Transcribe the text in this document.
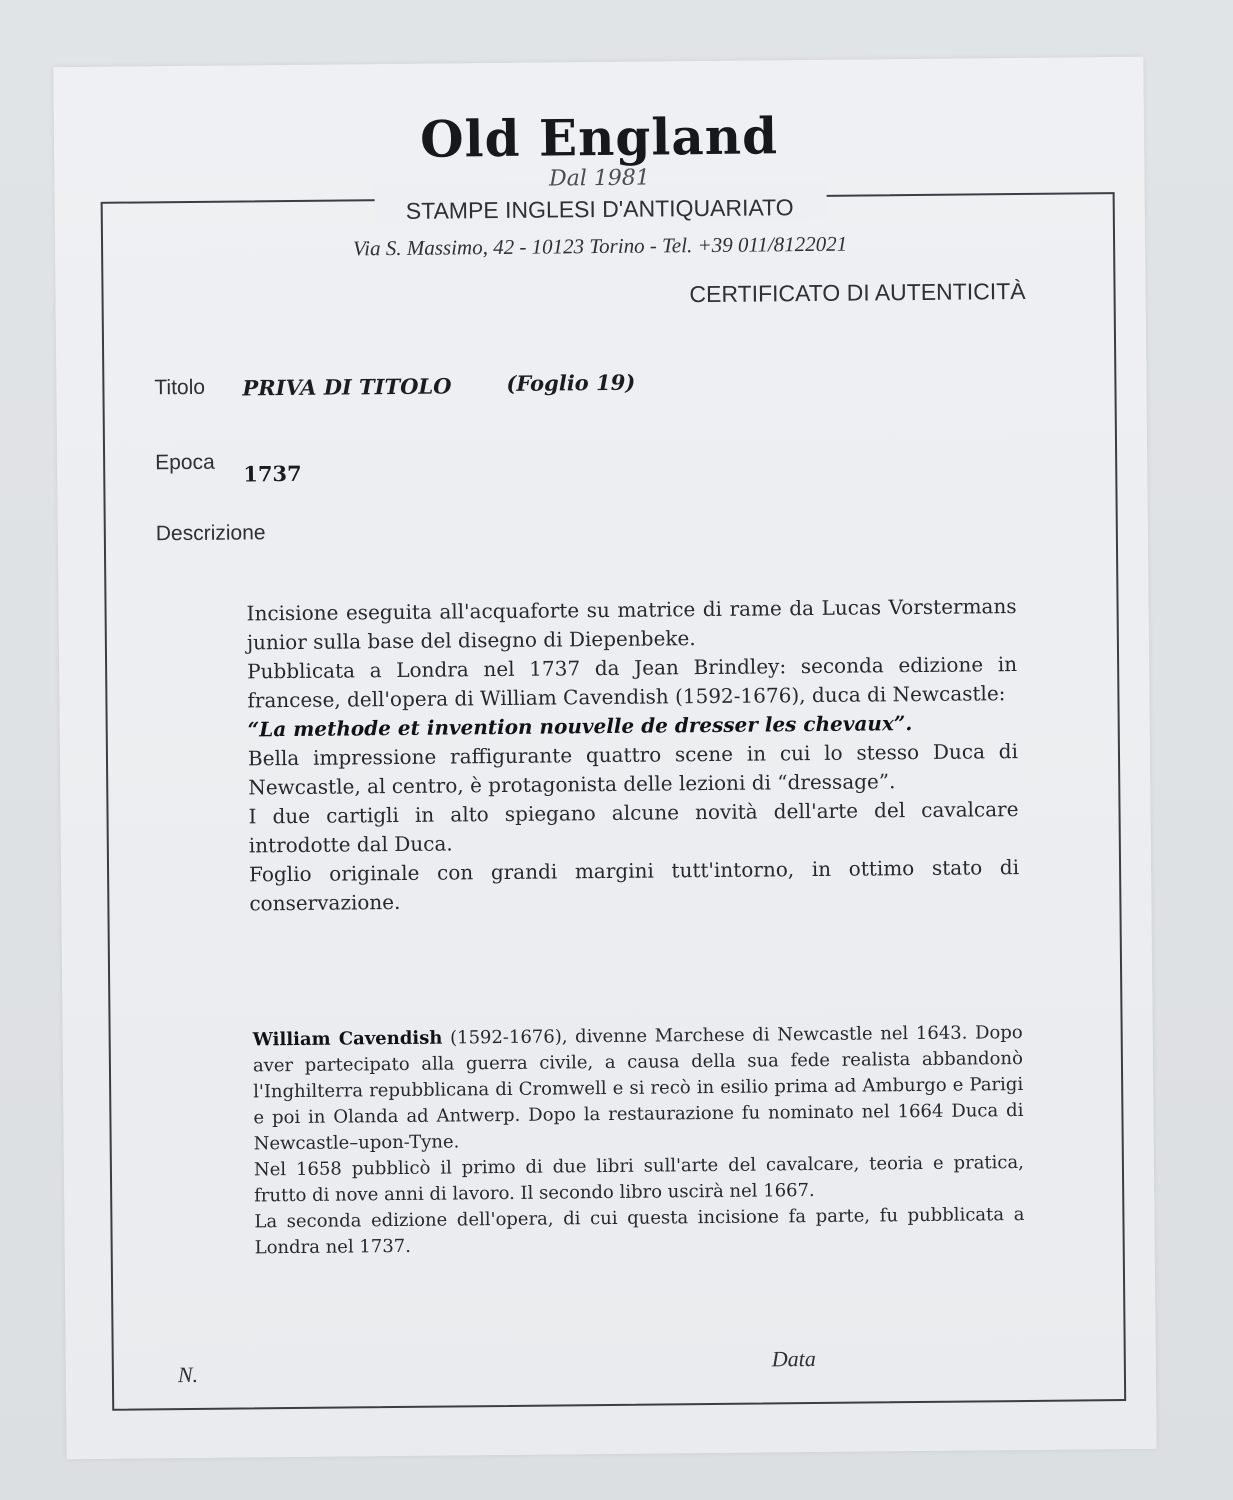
Old England
Dal 1981
STAMPE INGLESI D'ANTIQUARIATO
Via S. Massimo, 42 - 10123 Torino - Tel. +39 011/8122021
CERTIFICATO DI AUTENTICITÀ
Titolo PRIVA DI TITOLO	(Foglio 19)
Epoca 1737
Descrizione

Incisione eseguita all'acquaforte su matrice di rame da Lucas Vorstermans junior sulla base del disegno di Diepenbeke.

Pubblicata a Londra nel 1737 da Jean Brindley: seconda edizione in francese, dell'opera di William Cavendish (1592-1676), duca di Newcastle:

“La methode et invention nouvelle de dresser les chevaux”.

Bella impressione raffigurante quattro scene in cui lo stesso Duca di Newcastle, al centro, è protagonista delle lezioni di “dressage”.

I due cartigli in alto spiegano alcune novità dell'arte del cavalcare introdotte dal Duca.

Foglio originale con grandi margini tutt'intorno, in ottimo stato di conservazione.

William Cavendish (1592-1676), divenne Marchese di Newcastle nel 1643. Dopo aver partecipato alla guerra civile, a causa della sua fede realista abbandonò l'Inghilterra repubblicana di Cromwell e si recò in esilio prima ad Amburgo e Parigi e poi in Olanda ad Antwerp. Dopo la restaurazione fu nominato nel 1664 Duca di Newcastle–upon-Tyne.

Nel 1658 pubblicò il primo di due libri sull'arte del cavalcare, teoria e pratica, frutto di nove anni di lavoro. Il secondo libro uscirà nel 1667.

La seconda edizione dell'opera, di cui questa incisione fa parte, fu pubblicata a Londra nel 1737.

N.
Data
